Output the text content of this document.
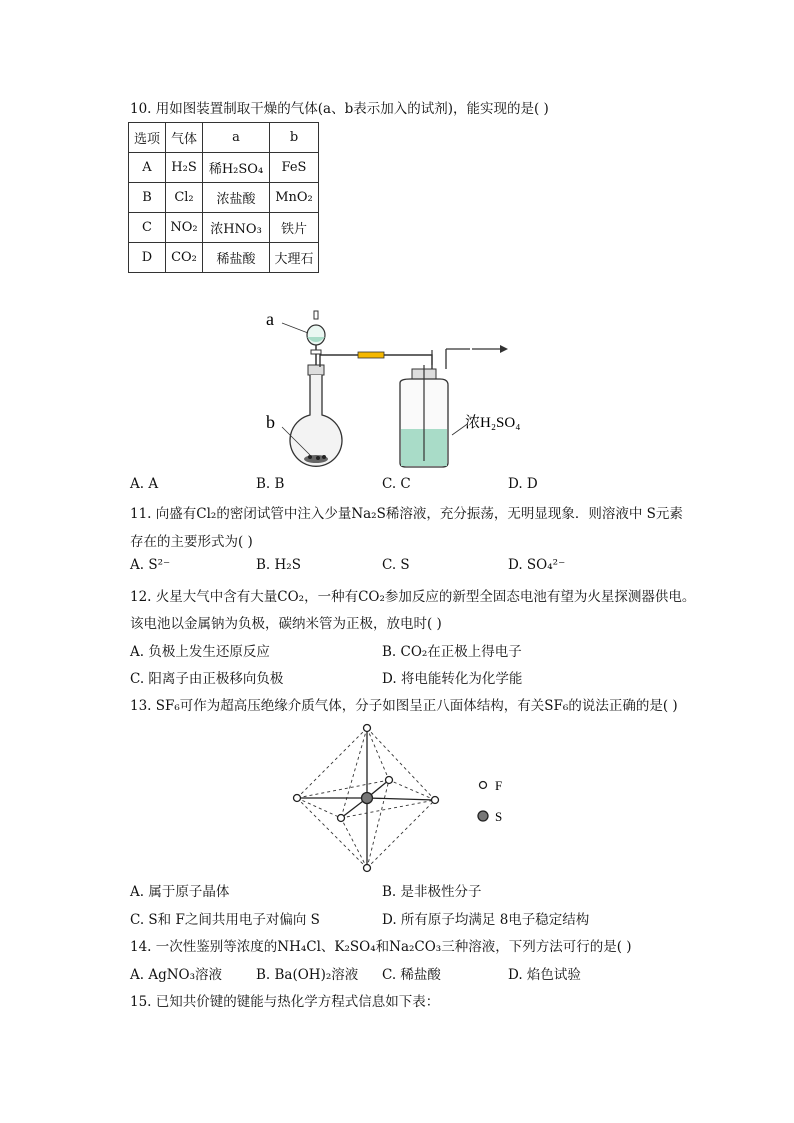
10. 用如图装置制取干燥的气体(a、b表示加入的试剂)，能实现的是( )
选项	气体	a	b
A	H₂S	稀H₂SO₄	FeS
B	Cl₂	浓盐酸	MnO₂
C	NO₂	浓HNO₃	铁片
D	CO₂	稀盐酸	大理石
a
b	浓H₂SO₄
A. A	B. B	C. C	D. D
11. 向盛有Cl₂的密闭试管中注入少量Na₂S稀溶液，充分振荡，无明显现象．则溶液中 S元素
存在的主要形式为( )
A. S²⁻	B. H₂S	C. S	D. SO₄²⁻
12. 火星大气中含有大量CO₂，一种有CO₂参加反应的新型全固态电池有望为火星探测器供电。
该电池以金属钠为负极，碳纳米管为正极，放电时( )
A. 负极上发生还原反应	B. CO₂在正极上得电子
C. 阳离子由正极移向负极	D. 将电能转化为化学能
13. SF₆可作为超高压绝缘介质气体，分子如图呈正八面体结构，有关SF₆的说法正确的是( )
F
S
A. 属于原子晶体	B. 是非极性分子
C. S和 F之间共用电子对偏向 S	D. 所有原子均满足 8电子稳定结构
14. 一次性鉴别等浓度的NH₄Cl、K₂SO₄和Na₂CO₃三种溶液，下列方法可行的是( )
A. AgNO₃溶液	B. Ba(OH)₂溶液 C. 稀盐酸	D. 焰色试验
15. 已知共价键的键能与热化学方程式信息如下表：
